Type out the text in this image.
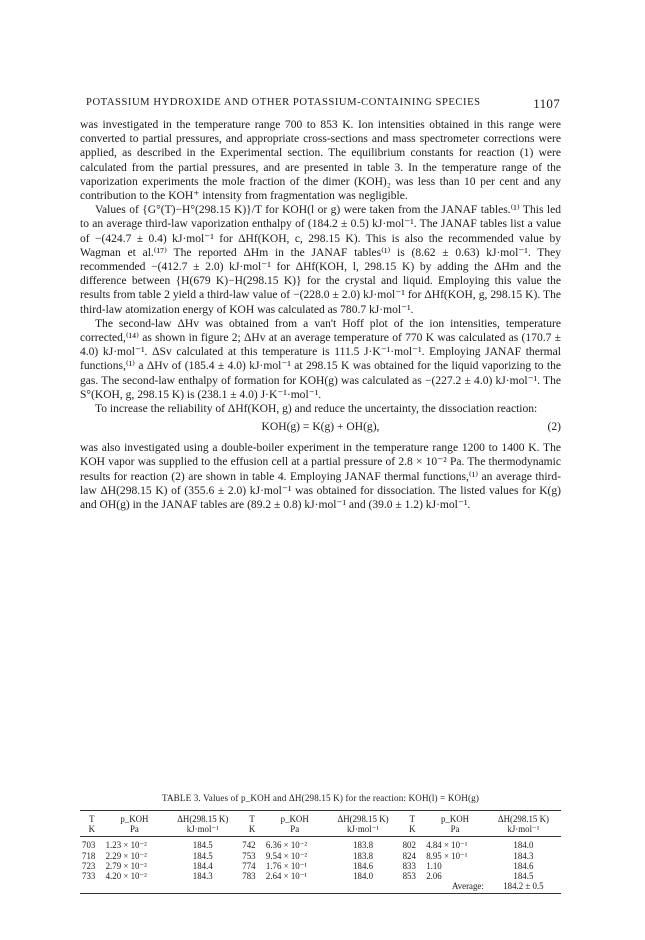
POTASSIUM HYDROXIDE AND OTHER POTASSIUM-CONTAINING SPECIES	1107

was investigated in the temperature range 700 to 853 K. Ion intensities obtained in this range were converted to partial pressures, and appropriate cross-sections and mass spectrometer corrections were applied, as described in the Experimental section. The equilibrium constants for reaction (1) were calculated from the partial pressures, and are presented in table 3. In the temperature range of the vaporization experiments the mole fraction of the dimer (KOH)₂ was less than 10 per cent and any contribution to the KOH⁺ intensity from fragmentation was negligible.

Values of {G°(T)−H°(298.15 K)}/T for KOH(l or g) were taken from the JANAF tables.⁽¹⁾ This led to an average third-law vaporization enthalpy of (184.2 ± 0.5) kJ·mol⁻¹. The JANAF tables list a value of −(424.7 ± 0.4) kJ·mol⁻¹ for ΔHf(KOH, c, 298.15 K). This is also the recommended value by Wagman et al.⁽¹⁷⁾ The reported ΔHm in the JANAF tables⁽¹⁾ is (8.62 ± 0.63) kJ·mol⁻¹. They recommended −(412.7 ± 2.0) kJ·mol⁻¹ for ΔHf(KOH, l, 298.15 K) by adding the ΔHm and the difference between {H(679 K)−H(298.15 K)} for the crystal and liquid. Employing this value the results from table 2 yield a third-law value of −(228.0 ± 2.0) kJ·mol⁻¹ for ΔHf(KOH, g, 298.15 K). The third-law atomization energy of KOH was calculated as 780.7 kJ·mol⁻¹.

The second-law ΔHv was obtained from a van't Hoff plot of the ion intensities, temperature corrected,⁽¹⁴⁾ as shown in figure 2; ΔHv at an average temperature of 770 K was calculated as (170.7 ± 4.0) kJ·mol⁻¹. ΔSv calculated at this temperature is 111.5 J·K⁻¹·mol⁻¹. Employing JANAF thermal functions,⁽¹⁾ a ΔHv of (185.4 ± 4.0) kJ·mol⁻¹ at 298.15 K was obtained for the liquid vaporizing to the gas. The second-law enthalpy of formation for KOH(g) was calculated as −(227.2 ± 4.0) kJ·mol⁻¹. The S°(KOH, g, 298.15 K) is (238.1 ± 4.0) J·K⁻¹·mol⁻¹.

To increase the reliability of ΔHf(KOH, g) and reduce the uncertainty, the dissociation reaction:

KOH(g) = K(g) + OH(g),	(2)

was also investigated using a double-boiler experiment in the temperature range 1200 to 1400 K. The KOH vapor was supplied to the effusion cell at a partial pressure of 2.8 × 10⁻² Pa. The thermodynamic results for reaction (2) are shown in table 4. Employing JANAF thermal functions,⁽¹⁾ an average third-law ΔH(298.15 K) of (355.6 ± 2.0) kJ·mol⁻¹ was obtained for dissociation. The listed values for K(g) and OH(g) in the JANAF tables are (89.2 ± 0.8) kJ·mol⁻¹ and (39.0 ± 1.2) kJ·mol⁻¹.

TABLE 3. Values of p_KOH and ΔH(298.15 K) for the reaction: KOH(l) = KOH(g)
T	p_KOH	ΔH(298.15 K)	T	p_KOH	ΔH(298.15 K)	T	p_KOH	ΔH(298.15 K)
K	Pa	kJ·mol⁻¹	K	Pa	kJ·mol⁻¹	K	Pa	kJ·mol⁻¹
703	1.23 × 10⁻²	184.5	742	6.36 × 10⁻²	183.8	802	4.84 × 10⁻¹	184.0
718	2.29 × 10⁻²	184.5	753	9.54 × 10⁻²	183.8	824	8.95 × 10⁻¹	184.3
723	2.79 × 10⁻²	184.4	774	1.76 × 10⁻¹	184.6	833	1.10	184.6
733	4.20 × 10⁻²	184.3	783	2.64 × 10⁻¹	184.0	853	2.06	184.5
Average:								184.2 ± 0.5
